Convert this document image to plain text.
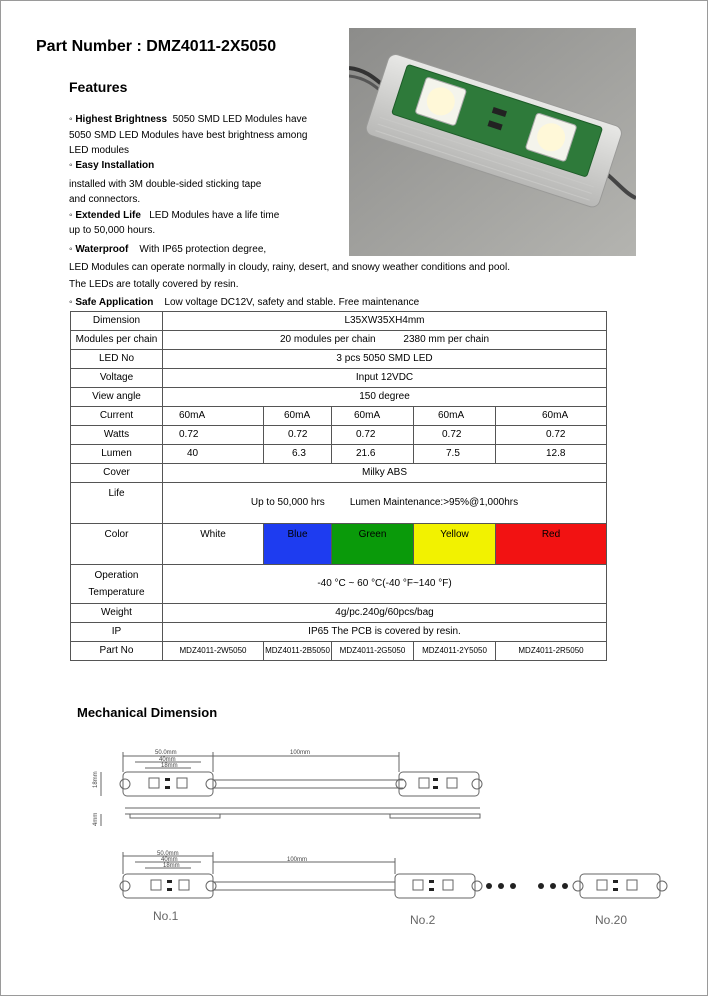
Part Number : DMZ4011-2X5050
Features
◦ Highest Brightness 5050 SMD LED Modules have
5050 SMD LED Modules have best brightness among
LED modules
◦ Easy Installation
installed with 3M double-sided sticking tape
and connectors.
◦ Extended Life LED Modules have a life time
up to 50,000 hours.
◦ Waterproof With IP65 protection degree,
LED Modules can operate normally in cloudy, rainy, desert, and snowy weather conditions and pool.
The LEDs are totally covered by resin.
◦ Safe Application Low voltage DC12V, safety and stable. Free maintenance
Dimension	L35XW35XH4mm				
Modules per chain	20 modules per chain 2380 mm per chain				
LED No	3 pcs 5050 SMD LED				
Voltage	Input 12VDC				
View angle	150 degree				
Current	60mA	60mA	60mA	60mA	60mA
Watts	0.72	0.72	0.72	0.72	0.72
Lumen	40	6.3	21.6	7.5	12.8
Cover	Milky ABS				
Life	Up to 50,000 hrs Lumen Maintenance:>95%@1,000hrs				
Color	White	Blue	Green	Yellow	Red
Operation
Temperature	-40 °C ~ 60 °C(-40 °F~140 °F)				
Weight	4g/pc.240g/60pcs/bag				
IP	IP65 The PCB is covered by resin.				
Part No	MDZ4011-2W5050	MDZ4011-2B5050	MDZ4011-2G5050	MDZ4011-2Y5050	MDZ4011-2R5050
Mechanical Dimension
50.0mm
40mm
18mm
100mm
18mm
4mm
50.0mm
40mm
18mm
100mm
No.1	No.2	No.20
